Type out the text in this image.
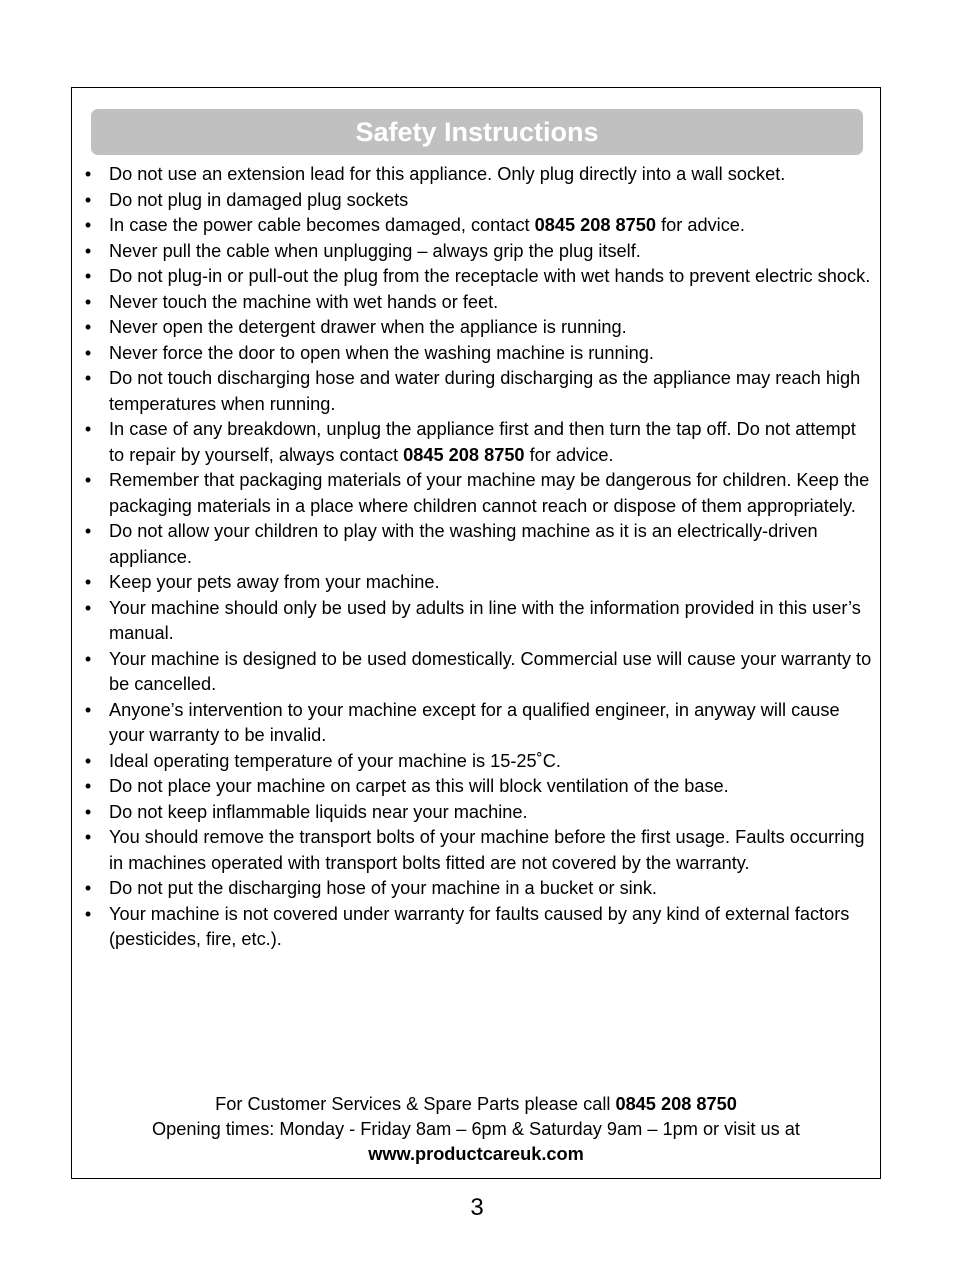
Safety Instructions
• Do not use an extension lead for this appliance. Only plug directly into a wall socket.
• Do not plug in damaged plug sockets
• In case the power cable becomes damaged, contact 0845 208 8750 for advice.
• Never pull the cable when unplugging – always grip the plug itself.
• Do not plug-in or pull-out the plug from the receptacle with wet hands to prevent electric shock.
• Never touch the machine with wet hands or feet.
• Never open the detergent drawer when the appliance is running.
• Never force the door to open when the washing machine is running.
• Do not touch discharging hose and water during discharging as the appliance may reach high temperatures when running.
• In case of any breakdown, unplug the appliance first and then turn the tap off. Do not attempt to repair by yourself, always contact 0845 208 8750 for advice.
• Remember that packaging materials of your machine may be dangerous for children. Keep the packaging materials in a place where children cannot reach or dispose of them appropriately.
• Do not allow your children to play with the washing machine as it is an electrically-driven appliance.
• Keep your pets away from your machine.
• Your machine should only be used by adults in line with the information provided in this user’s manual.
• Your machine is designed to be used domestically. Commercial use will cause your warranty to be cancelled.
• Anyone’s intervention to your machine except for a qualified engineer, in anyway will cause your warranty to be invalid.
• Ideal operating temperature of your machine is 15-25˚C.
• Do not place your machine on carpet as this will block ventilation of the base.
• Do not keep inflammable liquids near your machine.
• You should remove the transport bolts of your machine before the first usage. Faults occurring in machines operated with transport bolts fitted are not covered by the warranty.
• Do not put the discharging hose of your machine in a bucket or sink.
• Your machine is not covered under warranty for faults caused by any kind of external factors (pesticides, fire, etc.).
For Customer Services & Spare Parts please call 0845 208 8750
Opening times: Monday - Friday 8am – 6pm & Saturday 9am – 1pm or visit us at
www.productcareuk.com
3
